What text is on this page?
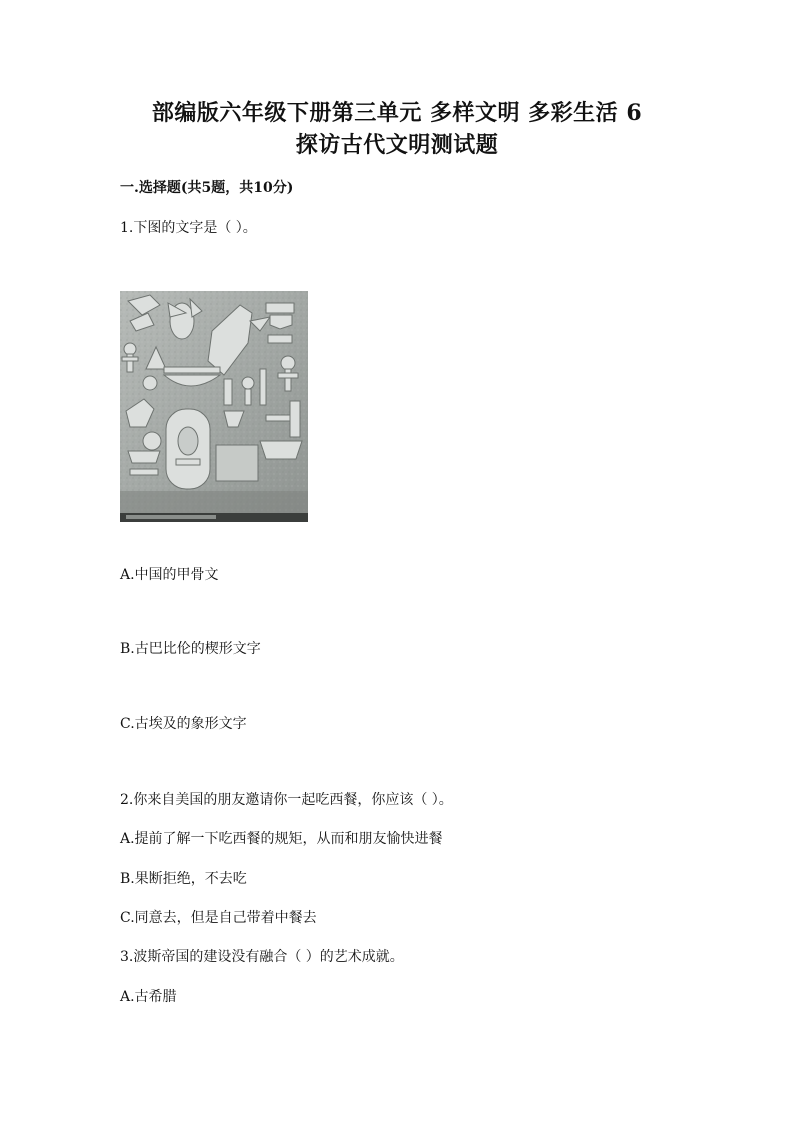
部编版六年级下册第三单元 多样文明 多彩生活 6
探访古代文明测试题
一.选择题(共5题，共10分)
1.下图的文字是（ ）。
A.中国的甲骨文
B.古巴比伦的楔形文字
C.古埃及的象形文字
2.你来自美国的朋友邀请你一起吃西餐，你应该（ ）。
A.提前了解一下吃西餐的规矩，从而和朋友愉快进餐
B.果断拒绝，不去吃
C.同意去，但是自己带着中餐去
3.波斯帝国的建设没有融合（ ）的艺术成就。
A.古希腊
